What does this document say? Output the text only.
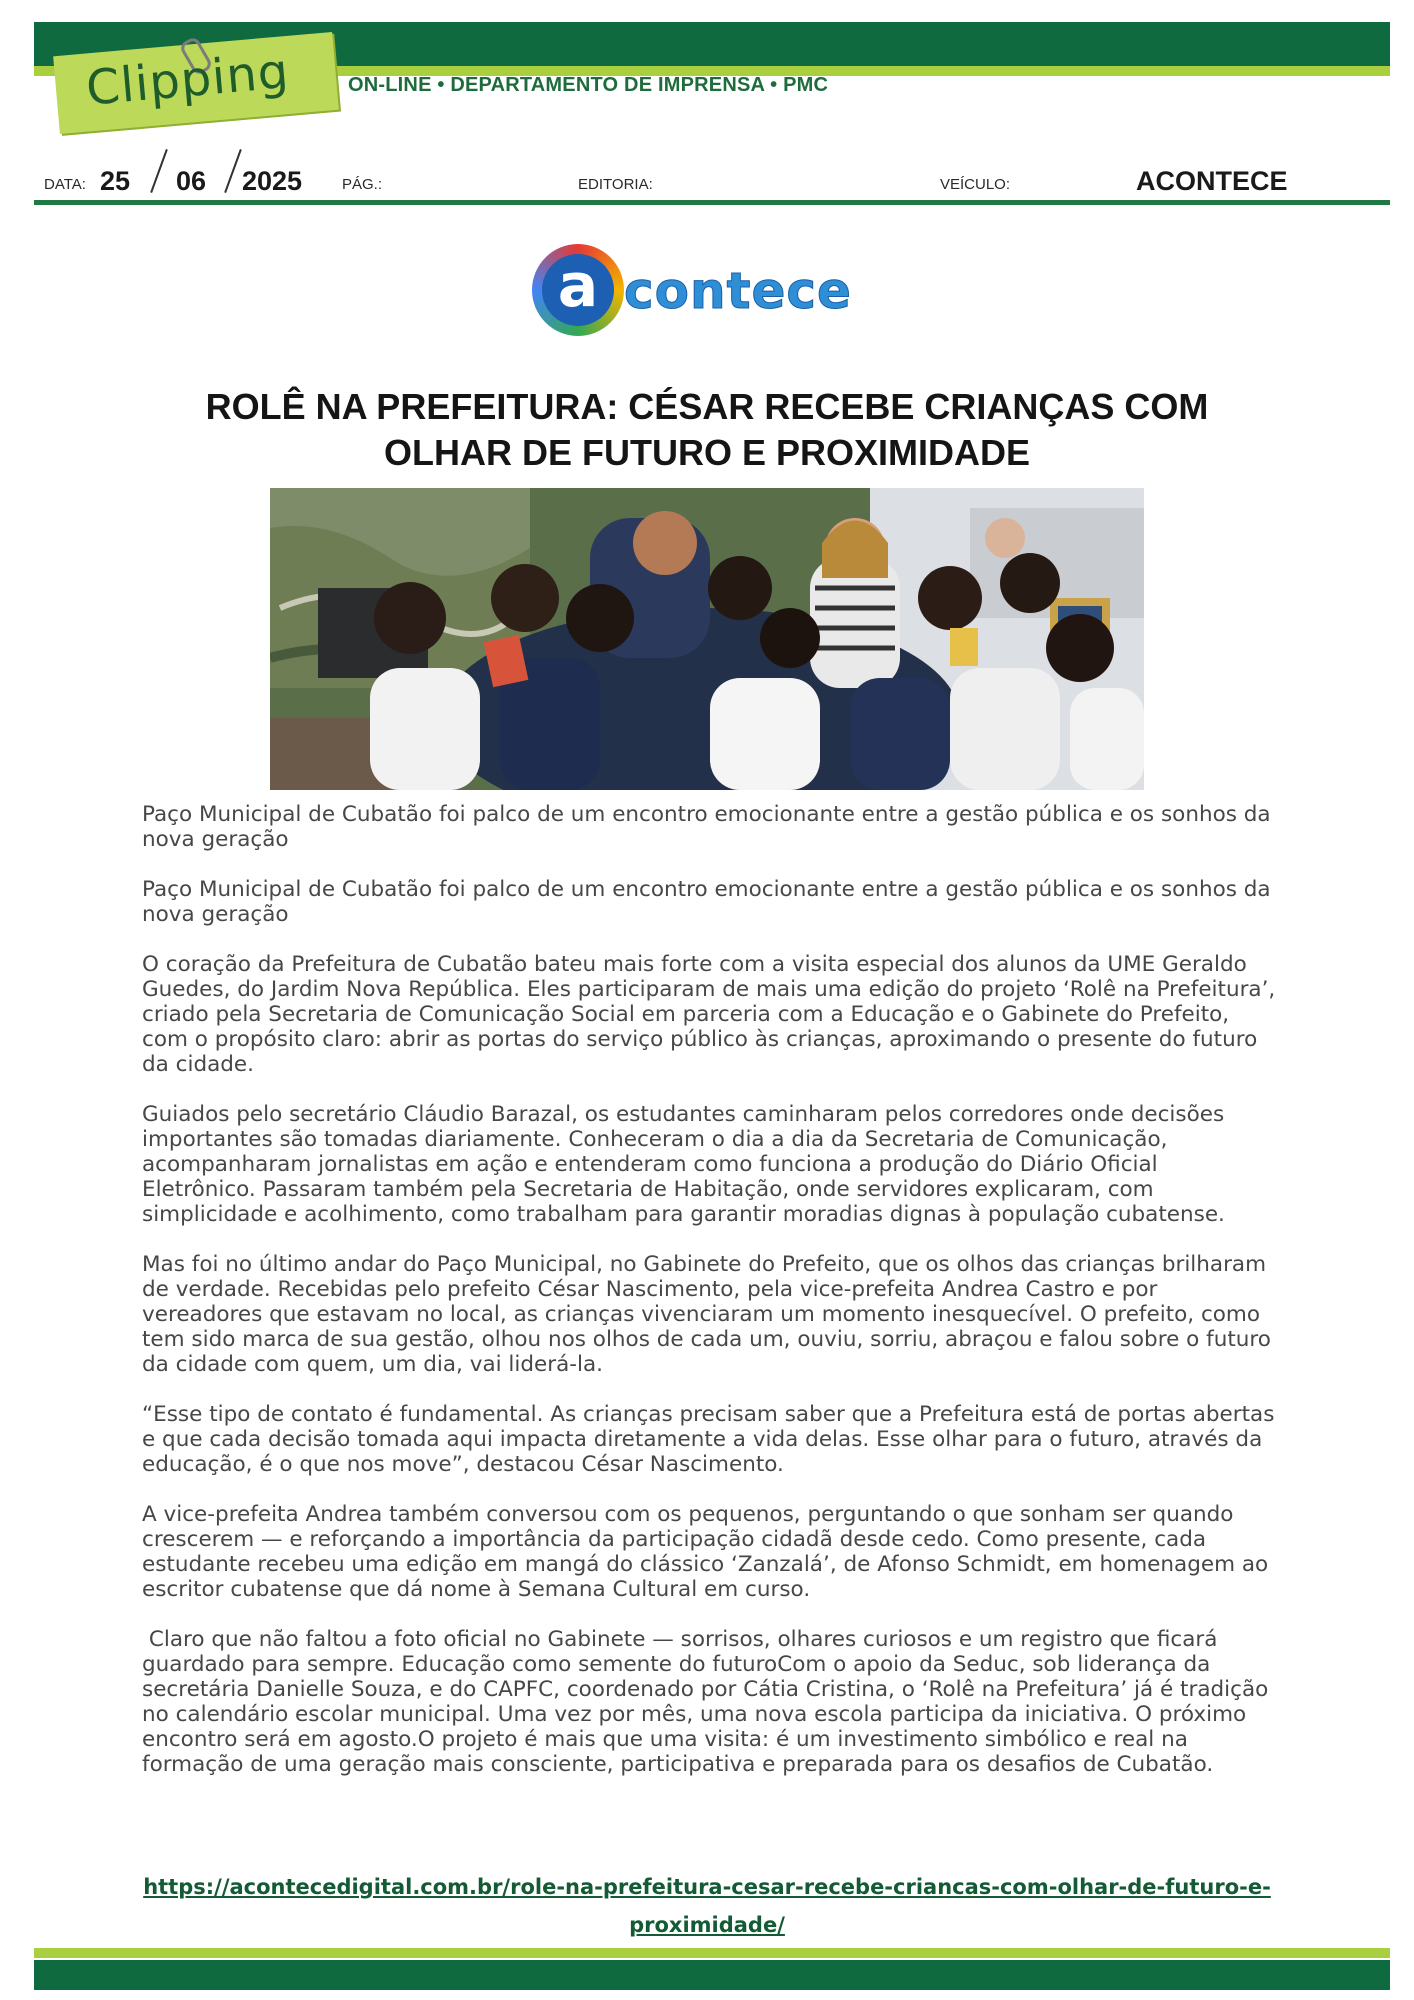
Clipping	ON-LINE • DEPARTAMENTO DE IMPRENSA • PMC
DATA: 25 06 2025	PÁG.:	EDITORIA:	VEÍCULO:	ACONTECE
a contece
ROLÊ NA PREFEITURA: CÉSAR RECEBE CRIANÇAS COM
OLHAR DE FUTURO E PROXIMIDADE

Paço Municipal de Cubatão foi palco de um encontro emocionante entre a gestão pública e os sonhos da nova geração

Paço Municipal de Cubatão foi palco de um encontro emocionante entre a gestão pública e os sonhos da nova geração

O coração da Prefeitura de Cubatão bateu mais forte com a visita especial dos alunos da UME Geraldo Guedes, do Jardim Nova República. Eles participaram de mais uma edição do projeto ‘Rolê na Prefeitura’, criado pela Secretaria de Comunicação Social em parceria com a Educação e o Gabinete do Prefeito, com o propósito claro: abrir as portas do serviço público às crianças, aproximando o presente do futuro da cidade.

Guiados pelo secretário Cláudio Barazal, os estudantes caminharam pelos corredores onde decisões importantes são tomadas diariamente. Conheceram o dia a dia da Secretaria de Comunicação, acompanharam jornalistas em ação e entenderam como funciona a produção do Diário Oficial Eletrônico. Passaram também pela Secretaria de Habitação, onde servidores explicaram, com simplicidade e acolhimento, como trabalham para garantir moradias dignas à população cubatense.

Mas foi no último andar do Paço Municipal, no Gabinete do Prefeito, que os olhos das crianças brilharam de verdade. Recebidas pelo prefeito César Nascimento, pela vice-prefeita Andrea Castro e por vereadores que estavam no local, as crianças vivenciaram um momento inesquecível. O prefeito, como tem sido marca de sua gestão, olhou nos olhos de cada um, ouviu, sorriu, abraçou e falou sobre o futuro da cidade com quem, um dia, vai liderá-la.

“Esse tipo de contato é fundamental. As crianças precisam saber que a Prefeitura está de portas abertas e que cada decisão tomada aqui impacta diretamente a vida delas. Esse olhar para o futuro, através da educação, é o que nos move”, destacou César Nascimento.

A vice-prefeita Andrea também conversou com os pequenos, perguntando o que sonham ser quando crescerem — e reforçando a importância da participação cidadã desde cedo. Como presente, cada estudante recebeu uma edição em mangá do clássico ‘Zanzalá’, de Afonso Schmidt, em homenagem ao escritor cubatense que dá nome à Semana Cultural em curso.

Claro que não faltou a foto oficial no Gabinete — sorrisos, olhares curiosos e um registro que ficará guardado para sempre. Educação como semente do futuroCom o apoio da Seduc, sob liderança da secretária Danielle Souza, e do CAPFC, coordenado por Cátia Cristina, o ‘Rolê na Prefeitura’ já é tradição no calendário escolar municipal. Uma vez por mês, uma nova escola participa da iniciativa. O próximo encontro será em agosto.O projeto é mais que uma visita: é um investimento simbólico e real na formação de uma geração mais consciente, participativa e preparada para os desafios de Cubatão.

https://acontecedigital.com.br/role-na-prefeitura-cesar-recebe-criancas-com-olhar-de-futuro-e-
proximidade/
